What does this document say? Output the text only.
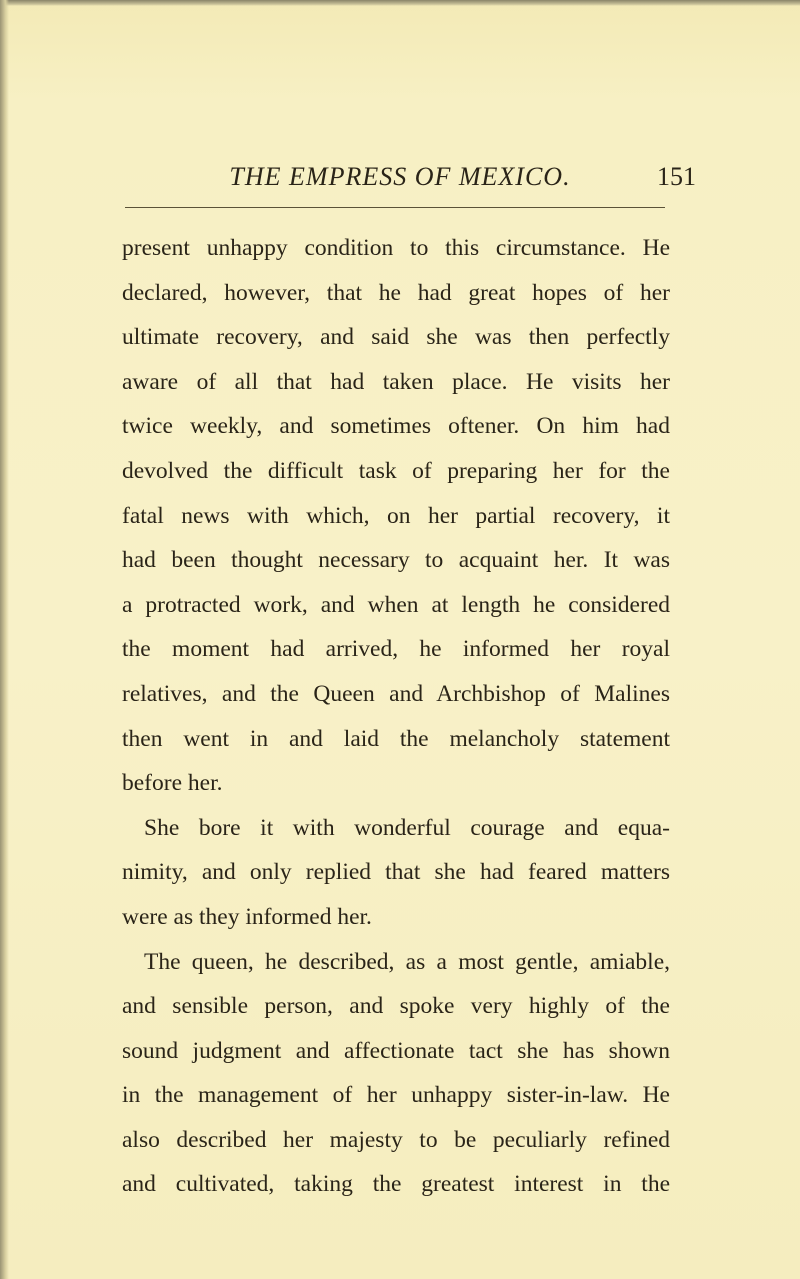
THE EMPRESS OF MEXICO.	151
present unhappy condition to this circumstance. He
declared, however, that he had great hopes of her
ultimate recovery, and said she was then perfectly
aware of all that had taken place. He visits her
twice weekly, and sometimes oftener. On him had
devolved the difficult task of preparing her for the
fatal news with which, on her partial recovery, it
had been thought necessary to acquaint her. It was
a protracted work, and when at length he considered
the moment had arrived, he informed her royal
relatives, and the Queen and Archbishop of Malines
then went in and laid the melancholy statement
before her.
She bore it with wonderful courage and equa-
nimity, and only replied that she had feared matters
were as they informed her.
The queen, he described, as a most gentle, amiable,
and sensible person, and spoke very highly of the
sound judgment and affectionate tact she has shown
in the management of her unhappy sister-in-law. He
also described her majesty to be peculiarly refined
and cultivated, taking the greatest interest in the
